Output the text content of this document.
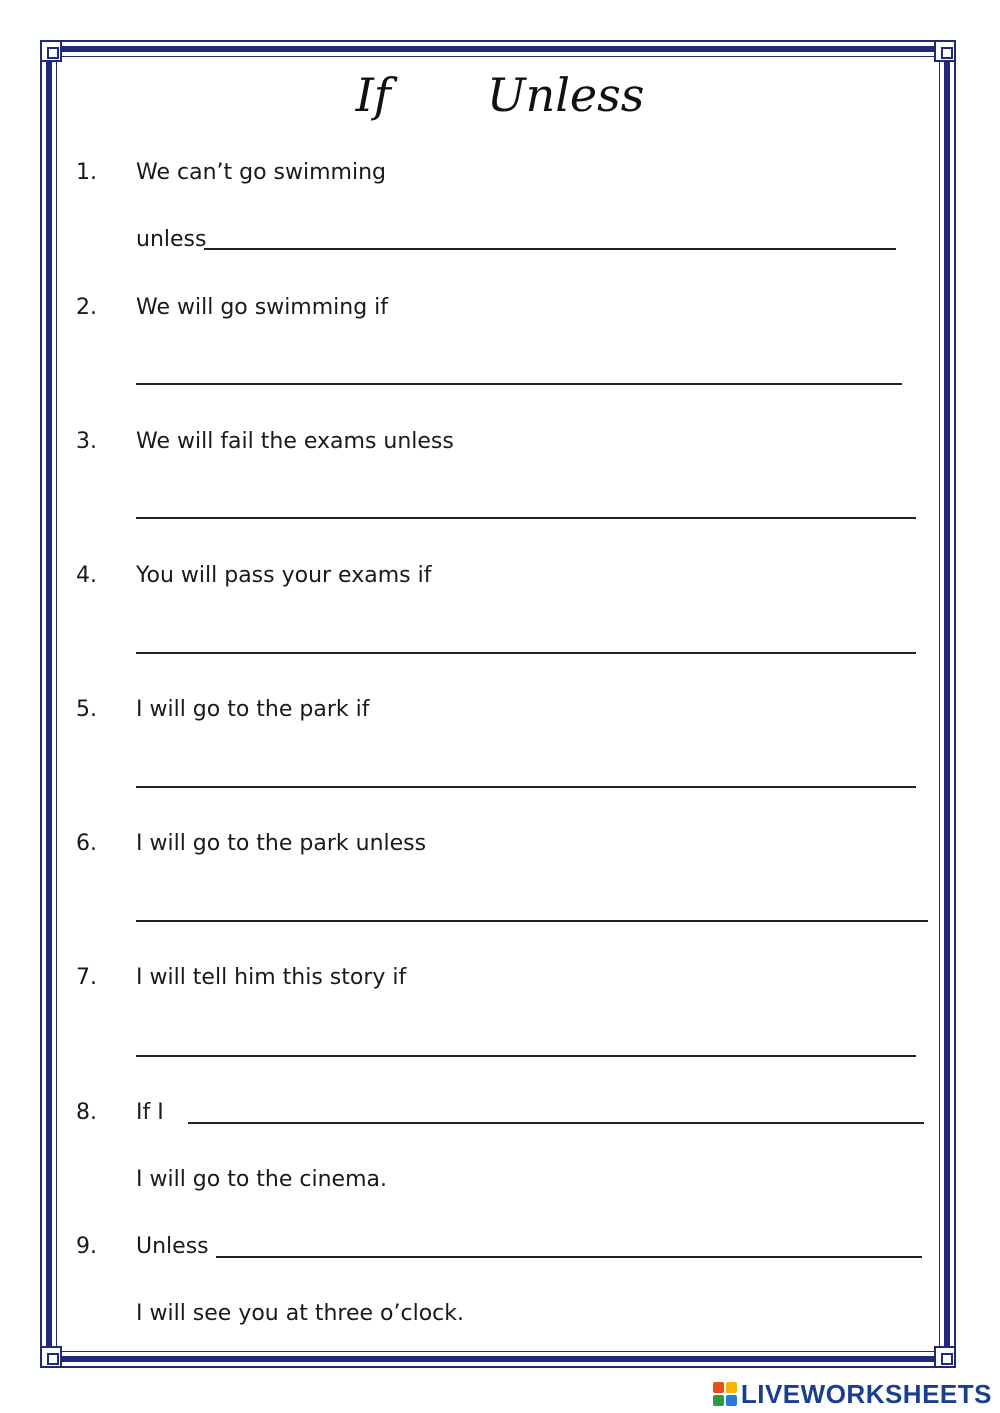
If Unless
1. We can’t go swimming
unless
2. We will go swimming if
3. We will fail the exams unless
4. You will pass your exams if
5. I will go to the park if
6. I will go to the park unless
7. I will tell him this story if
8. If I
I will go to the cinema.
9. Unless
I will see you at three o’clock.
LIVEWORKSHEETS
